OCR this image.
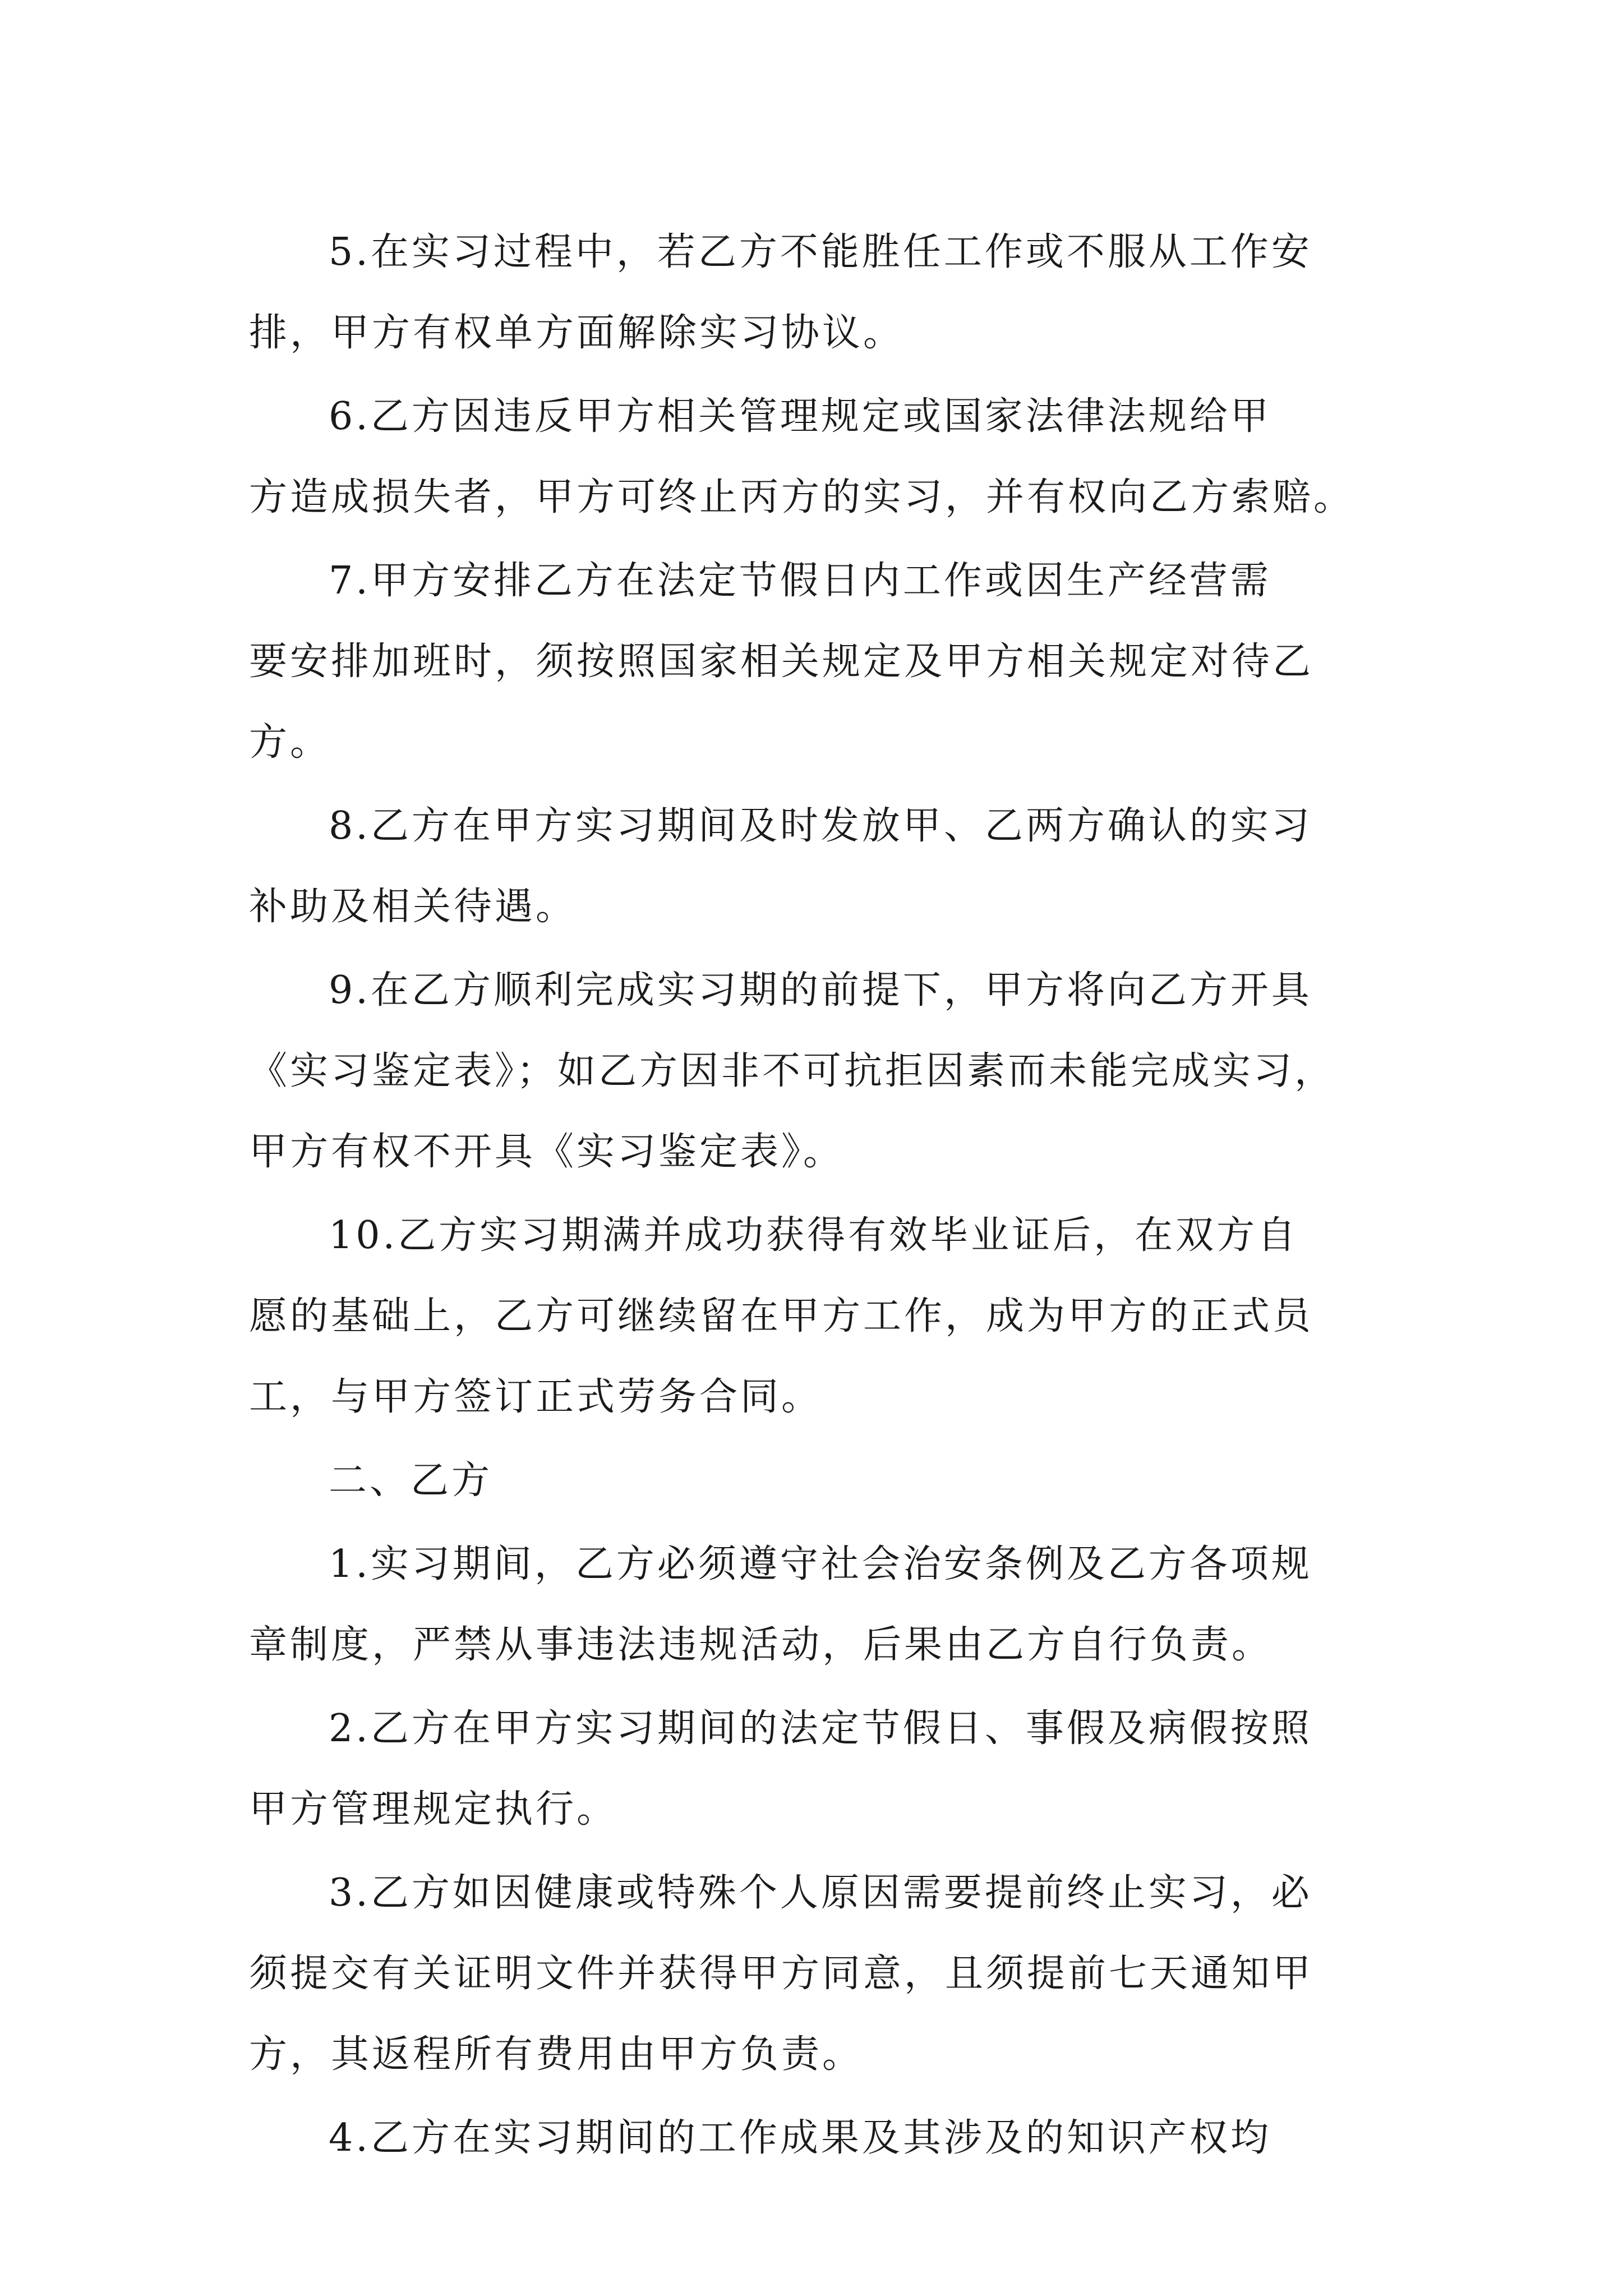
5.在实习过程中，若乙方不能胜任工作或不服从工作安
排，甲方有权单方面解除实习协议。

6.乙方因违反甲方相关管理规定或国家法律法规给甲
方造成损失者，甲方可终止丙方的实习，并有权向乙方索赔。

7.甲方安排乙方在法定节假日内工作或因生产经营需
要安排加班时，须按照国家相关规定及甲方相关规定对待乙
方。

8.乙方在甲方实习期间及时发放甲、乙两方确认的实习
补助及相关待遇。

9.在乙方顺利完成实习期的前提下，甲方将向乙方开具
《实习鉴定表》；如乙方因非不可抗拒因素而未能完成实习，
甲方有权不开具《实习鉴定表》。

10.乙方实习期满并成功获得有效毕业证后，在双方自
愿的基础上，乙方可继续留在甲方工作，成为甲方的正式员
工，与甲方签订正式劳务合同。

二、乙方

1.实习期间，乙方必须遵守社会治安条例及乙方各项规
章制度，严禁从事违法违规活动，后果由乙方自行负责。

2.乙方在甲方实习期间的法定节假日、事假及病假按照
甲方管理规定执行。

3.乙方如因健康或特殊个人原因需要提前终止实习，必
须提交有关证明文件并获得甲方同意，且须提前七天通知甲
方，其返程所有费用由甲方负责。

4.乙方在实习期间的工作成果及其涉及的知识产权均
